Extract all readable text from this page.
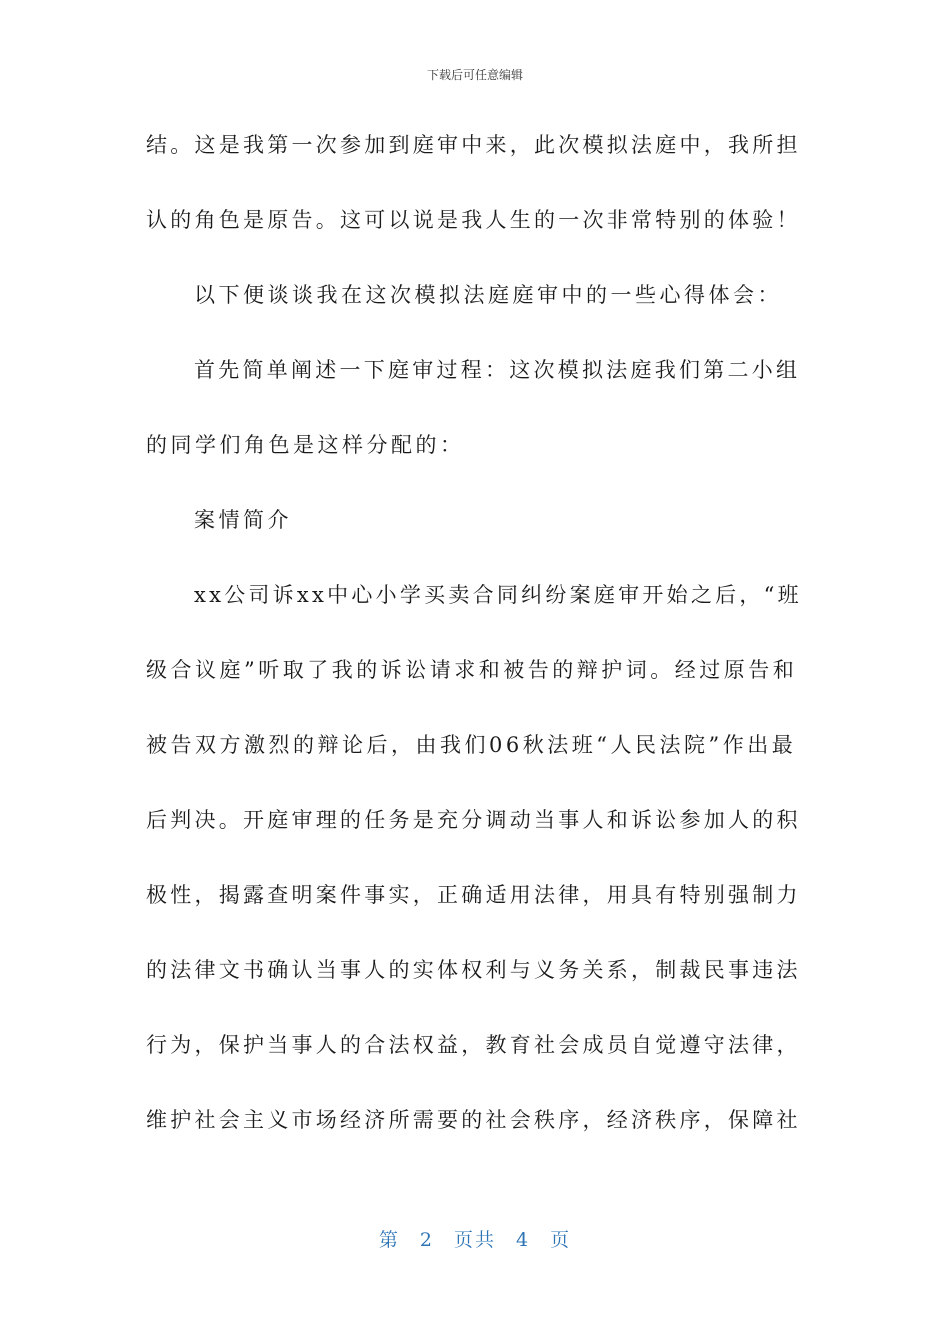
下载后可任意编辑
结。这是我第一次参加到庭审中来，此次模拟法庭中，我所担
认的角色是原告。这可以说是我人生的一次非常特别的体验！
以下便谈谈我在这次模拟法庭庭审中的一些心得体会：
首先简单阐述一下庭审过程：这次模拟法庭我们第二小组
的同学们角色是这样分配的：
案情简介
xx公司诉xx中心小学买卖合同纠纷案庭审开始之后，“班
级合议庭”听取了我的诉讼请求和被告的辩护词。经过原告和
被告双方激烈的辩论后，由我们06秋法班“人民法院”作出最
后判决。开庭审理的任务是充分调动当事人和诉讼参加人的积
极性，揭露查明案件事实，正确适用法律，用具有特别强制力
的法律文书确认当事人的实体权利与义务关系，制裁民事违法
行为，保护当事人的合法权益，教育社会成员自觉遵守法律，
维护社会主义市场经济所需要的社会秩序，经济秩序，保障社
第 2 页共 4 页
